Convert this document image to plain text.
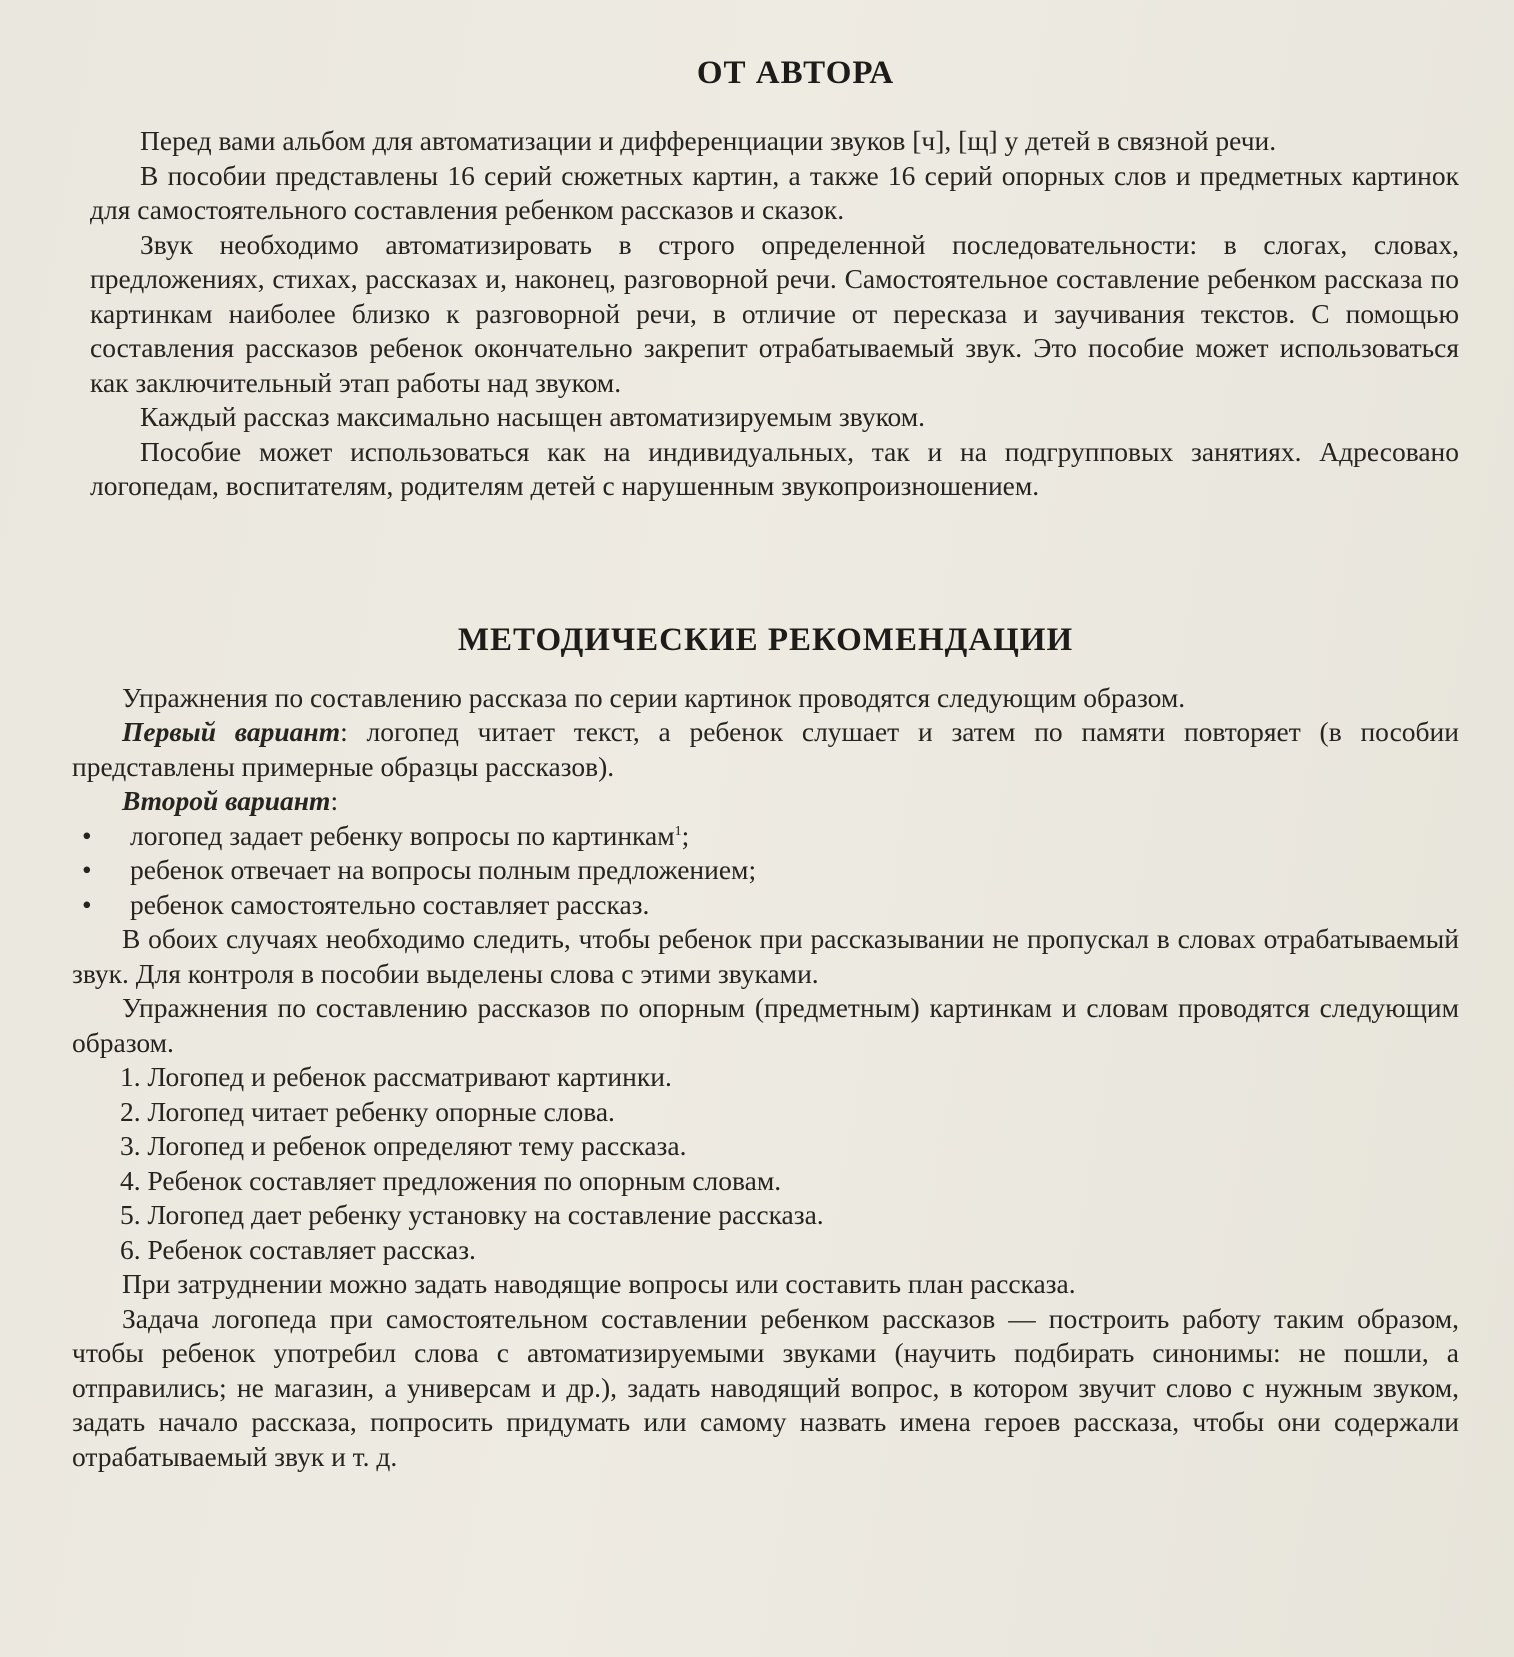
ОТ АВТОРА

Перед вами альбом для автоматизации и дифференциации звуков [ч], [щ] у детей в связной речи.

В пособии представлены 16 серий сюжетных картин, а также 16 серий опорных слов и предметных картинок для самостоятельного составления ребенком рассказов и сказок.

Звук необходимо автоматизировать в строго определенной последовательности: в слогах, словах, предложениях, стихах, рассказах и, наконец, разговорной речи. Самостоятельное составление ребенком рассказа по картинкам наиболее близко к разговорной речи, в отличие от пересказа и заучивания текстов. С помощью составления рассказов ребенок окончательно закрепит отрабатываемый звук. Это пособие может использоваться как заключительный этап работы над звуком.

Каждый рассказ максимально насыщен автоматизируемым звуком.

Пособие может использоваться как на индивидуальных, так и на подгрупповых занятиях. Адресовано логопедам, воспитателям, родителям детей с нарушенным звукопроизношением.

МЕТОДИЧЕСКИЕ РЕКОМЕНДАЦИИ

Упражнения по составлению рассказа по серии картинок проводятся следующим образом.

Первый вариант: логопед читает текст, а ребенок слушает и затем по памяти повторяет (в пособии представлены примерные образцы рассказов).

Второй вариант:

• логопед задает ребенку вопросы по картинкам$^1$;
• ребенок отвечает на вопросы полным предложением;
• ребенок самостоятельно составляет рассказ.

В обоих случаях необходимо следить, чтобы ребенок при рассказывании не пропускал в словах отрабатываемый звук. Для контроля в пособии выделены слова с этими звуками.

Упражнения по составлению рассказов по опорным (предметным) картинкам и словам проводятся следующим образом.

1. Логопед и ребенок рассматривают картинки.
2. Логопед читает ребенку опорные слова.
3. Логопед и ребенок определяют тему рассказа.
4. Ребенок составляет предложения по опорным словам.
5. Логопед дает ребенку установку на составление рассказа.
6. Ребенок составляет рассказ.

При затруднении можно задать наводящие вопросы или составить план рассказа.

Задача логопеда при самостоятельном составлении ребенком рассказов — построить работу таким образом, чтобы ребенок употребил слова с автоматизируемыми звуками (научить подбирать синонимы: не пошли, а отправились; не магазин, а универсам и др.), задать наводящий вопрос, в котором звучит слово с нужным звуком, задать начало рассказа, попросить придумать или самому назвать имена героев рассказа, чтобы они содержали отрабатываемый звук и т. д.
